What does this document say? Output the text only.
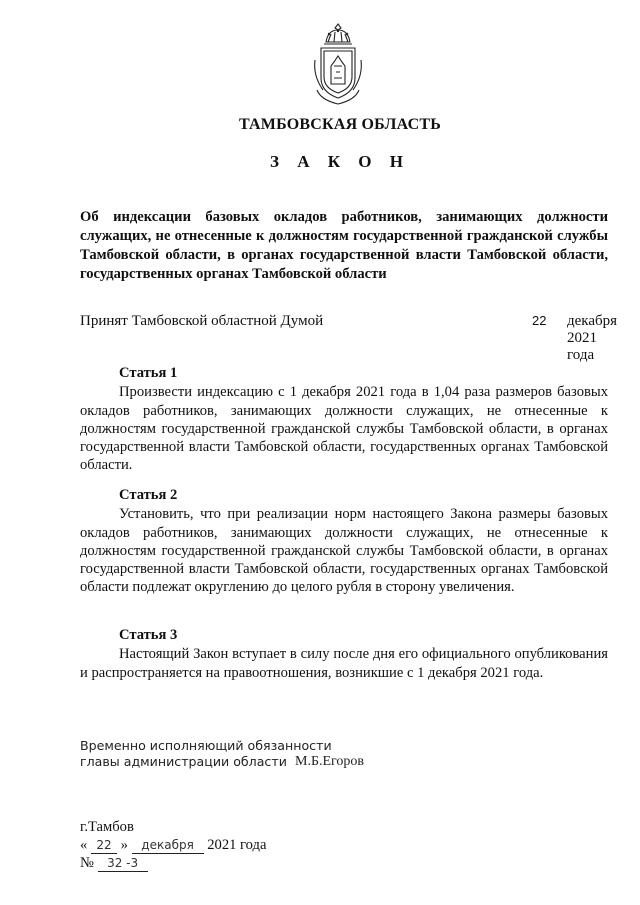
ТАМБОВСКАЯ ОБЛАСТЬ
З А К О Н
Об индексации базовых окладов работников, занимающих должности служащих, не отнесенные к должностям государственной гражданской службы Тамбовской области, в органах государственной власти Тамбовской области, государственных органах Тамбовской области
Принят Тамбовской областной Думой	22 декабря 2021 года
Статья 1
Произвести индексацию с 1 декабря 2021 года в 1,04 раза размеров базовых окладов работников, занимающих должности служащих, не отнесенные к должностям государственной гражданской службы Тамбовской области, в органах государственной власти Тамбовской области, государственных органах Тамбовской области.
Статья 2
Установить, что при реализации норм настоящего Закона размеры базовых окладов работников, занимающих должности служащих, не отнесенные к должностям государственной гражданской службы Тамбовской области, в органах государственной власти Тамбовской области, государственных органах Тамбовской области подлежат округлению до целого рубля в сторону увеличения.
Статья 3
Настоящий Закон вступает в силу после дня его официального опубликования и распространяется на правоотношения, возникшие с 1 декабря 2021 года.
Временно исполняющий обязанности
главы администрации области М.Б.Егоров
г.Тамбов
« 22 » декабря 2021 года
№ 32 -3
